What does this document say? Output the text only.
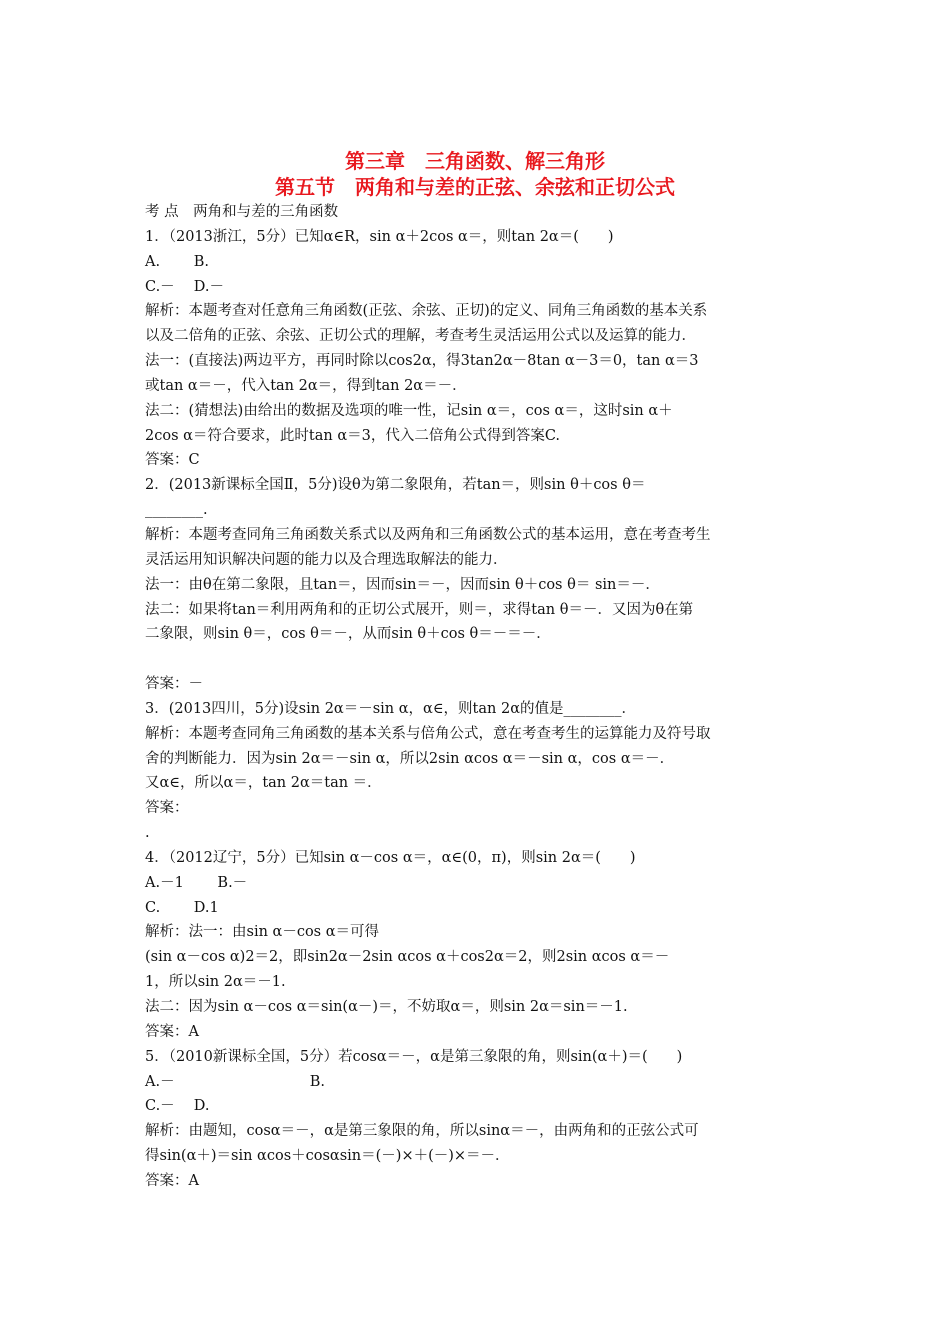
第三章　三角函数、解三角形
第五节　两角和与差的正弦、余弦和正切公式
考 点　两角和与差的三角函数
1．（2013浙江，5分）已知α∈R，sin α＋2cos α＝，则tan 2α＝(　　)
A.　　 B.
C.－　 D.－
解析：本题考查对任意角三角函数(正弦、余弦、正切)的定义、同角三角函数的基本关系
以及二倍角的正弦、余弦、正切公式的理解，考查考生灵活运用公式以及运算的能力．
法一：(直接法)两边平方，再同时除以cos2α，得3tan2α－8tan α－3＝0，tan α＝3
或tan α＝－，代入tan 2α＝，得到tan 2α＝－．
法二：(猜想法)由给出的数据及选项的唯一性，记sin α＝，cos α＝，这时sin α＋
2cos α＝符合要求，此时tan α＝3，代入二倍角公式得到答案C.
答案：C
2．(2013新课标全国Ⅱ，5分)设θ为第二象限角，若tan＝，则sin θ＋cos θ＝
________.
解析：本题考查同角三角函数关系式以及两角和三角函数公式的基本运用，意在考查考生
灵活运用知识解决问题的能力以及合理选取解法的能力．
法一：由θ在第二象限，且tan＝，因而sin＝－，因而sin θ＋cos θ＝ sin＝－．
法二：如果将tan＝利用两角和的正切公式展开，则＝，求得tan θ＝－．又因为θ在第
二象限，则sin θ＝，cos θ＝－，从而sin θ＋cos θ＝－＝－．
答案：－
3．(2013四川，5分)设sin 2α＝－sin α，α∈，则tan 2α的值是________．
解析：本题考查同角三角函数的基本关系与倍角公式，意在考查考生的运算能力及符号取
舍的判断能力．因为sin 2α＝－sin α，所以2sin αcos α＝－sin α，cos α＝－．
又α∈，所以α＝，tan 2α＝tan ＝．
答案：
.
4．（2012辽宁，5分）已知sin α－cos α＝，α∈(0，π)，则sin 2α＝(　　)
A.－1　　 B.－
C.　　 D.1
解析：法一：由sin α－cos α＝可得
(sin α－cos α)2＝2，即sin2α－2sin αcos α＋cos2α＝2，则2sin αcos α＝－
1，所以sin 2α＝－1.
法二：因为sin α－cos α＝sin(α－)＝，不妨取α＝，则sin 2α＝sin＝－1.
答案：A
5．（2010新课标全国，5分）若cosα＝－，α是第三象限的角，则sin(α＋)＝(　　)
A.－　　　　　　　　　 B.
C.－　 D.
解析：由题知，cosα＝－，α是第三象限的角，所以sinα＝－，由两角和的正弦公式可
得sin(α＋)＝sin αcos＋cosαsin＝(－)×＋(－)×＝－．
答案：A
